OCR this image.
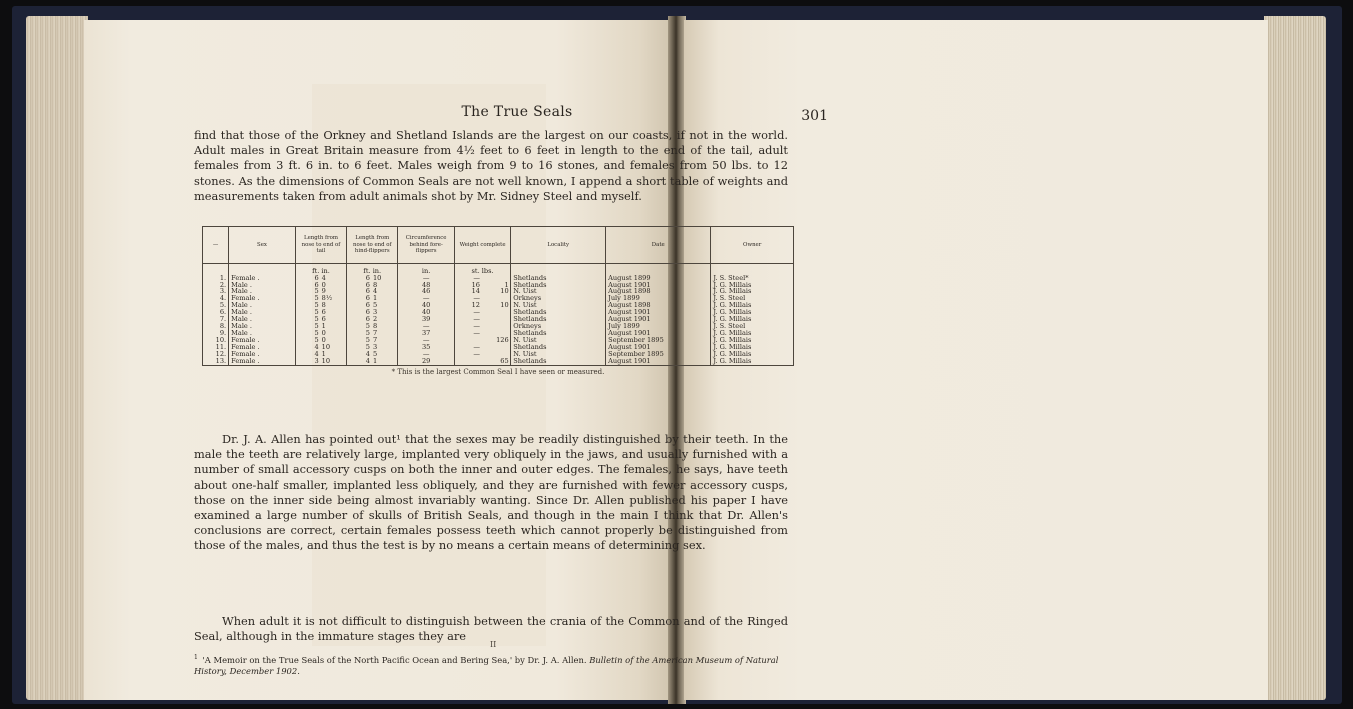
The True Seals	301

find that those of the Orkney and Shetland Islands are the largest on our coasts, if not in the world. Adult males in Great Britain measure from 4½ feet to 6 feet in length to the end of the tail, adult females from 3 ft. 6 in. to 6 feet. Males weigh from 9 to 16 stones, and females from 50 lbs. to 12 stones. As the dimensions of Common Seals are not well known, I append a short table of weights and measurements taken from adult animals shot by Mr. Sidney Steel and myself.

—	Sex	Length from nose to end of tail	Length from nose to end of hind-flippers	Circumference behind fore-flippers	Weight complete	Locality	Date	Owner
		ft. in.	ft. in.	in.	st. lbs.			
1.	Female .	6 4	6 10	—	—	Shetlands	August 1899	J. S. Steel*
2.	Male .	6 0	6 8	48	16 1	Shetlands	August 1901	J. G. Millais
3.	Male .	5 9	6 4	46	14 10	N. Uist	August 1898	J. G. Millais
4.	Female .	5 8½	6 1	—	—	Orkneys	July 1899	J. S. Steel
5.	Male .	5 8	6 5	40	12 10	N. Uist	August 1898	J. G. Millais
6.	Male .	5 6	6 3	40	—	Shetlands	August 1901	J. G. Millais
7.	Male .	5 6	6 2	39	—	Shetlands	August 1901	J. G. Millais
8.	Male .	5 1	5 8	—	—	Orkneys	July 1899	J. S. Steel
9.	Male .	5 0	5 7	37	—	Shetlands	August 1901	J. G. Millais
10.	Female .	5 0	5 7	—	126	N. Uist	September 1895	J. G. Millais
11.	Female .	4 10	5 3	35	—	Shetlands	August 1901	J. G. Millais
12.	Female .	4 1	4 5	—	—	N. Uist	September 1895	J. G. Millais
13.	Female .	3 10	4 1	29	65	Shetlands	August 1901	J. G. Millais
* This is the largest Common Seal I have seen or measured.

Dr. J. A. Allen has pointed out¹ that the sexes may be readily distinguished by their teeth. In the male the teeth are relatively large, implanted very obliquely in the jaws, and usually furnished with a number of small accessory cusps on both the inner and outer edges. The females, he says, have teeth about one-half smaller, implanted less obliquely, and they are furnished with fewer accessory cusps, those on the inner side being almost invariably wanting. Since Dr. Allen published his paper I have examined a large number of skulls of British Seals, and though in the main I think that Dr. Allen's conclusions are correct, certain females possess teeth which cannot properly be distinguished from those of the males, and thus the test is by no means a certain means of determining sex.

When adult it is not difficult to distinguish between the crania of the Common and of the Ringed Seal, although in the immature stages they are

II

$^1$ 'A Memoir on the True Seals of the North Pacific Ocean and Bering Sea,' by Dr. J. A. Allen. Bulletin of the American Museum of Natural History, December 1902.
